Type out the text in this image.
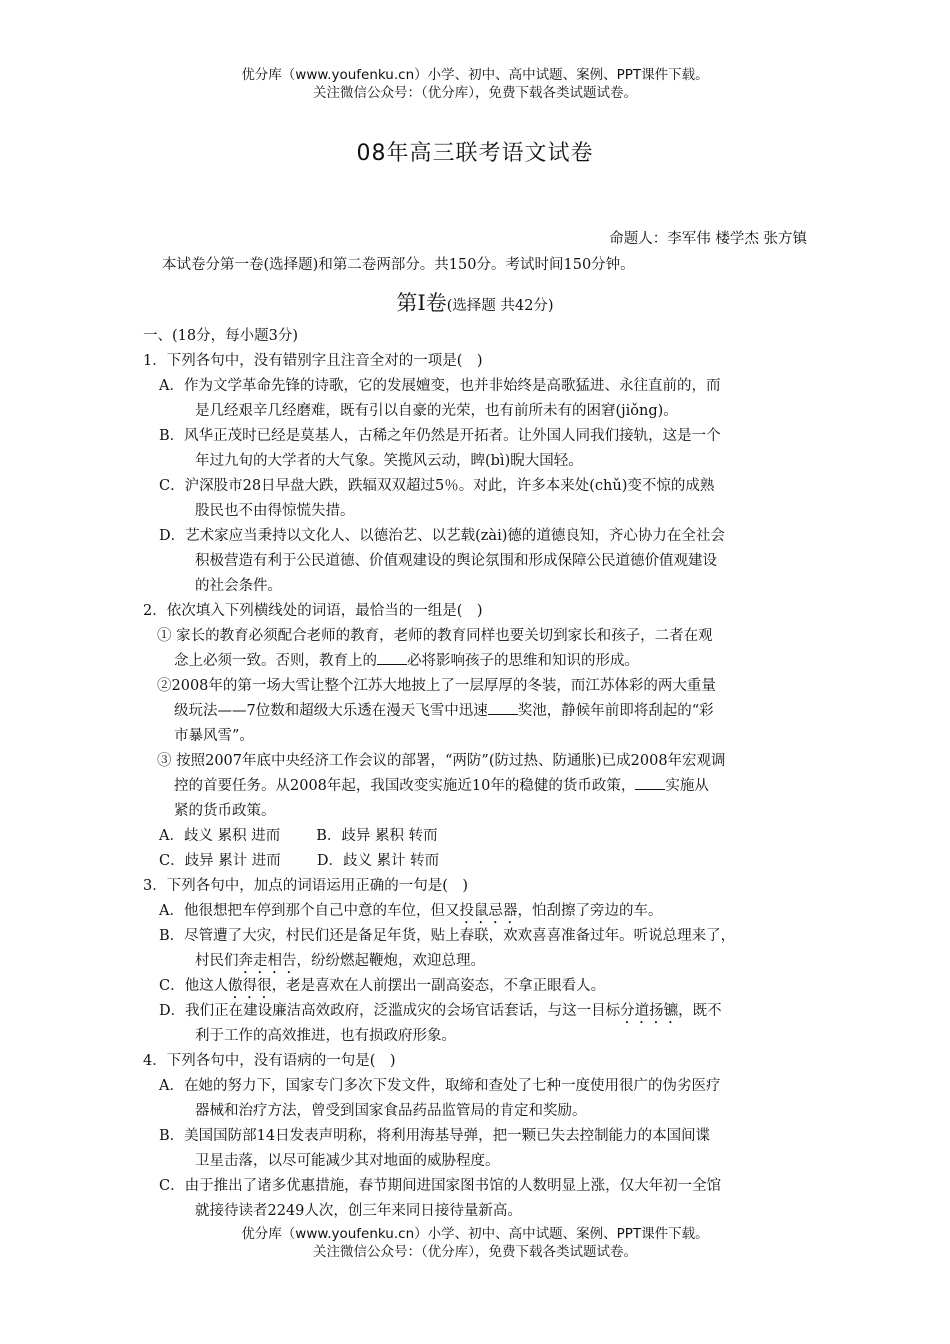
优分库（www.youfenku.cn）小学、初中、高中试题、案例、PPT课件下载。
关注微信公众号：（优分库），免费下载各类试题试卷。
08年高三联考语文试卷
命题人：李军伟 楼学杰 张方镇
本试卷分第一卷(选择题)和第二卷两部分。共150分。考试时间150分钟。
第Ⅰ卷(选择题 共42分)
一、(18分，每小题3分)
1．下列各句中，没有错别字且注音全对的一项是(　)
A．作为文学革命先锋的诗歌，它的发展嬗变，也并非始终是高歌猛进、永往直前的，而
是几经艰辛几经磨难，既有引以自豪的光荣，也有前所未有的困窘(jiǒng)。
B．风华正茂时已经是莫基人，古稀之年仍然是开拓者。让外国人同我们接轨，这是一个
年过九旬的大学者的大气象。笑揽风云动，睥(bì)睨大国轻。
C．沪深股市28日早盘大跌，跌辐双双超过5％。对此，许多本来处(chǔ)变不惊的成熟
股民也不由得惊慌失措。
D．艺术家应当秉持以文化人、以德治艺、以艺载(zài)德的道德良知，齐心协力在全社会
积极营造有利于公民道德、价值观建设的舆论氛围和形成保障公民道德价值观建设
的社会条件。
2．依次填入下列横线处的词语，最恰当的一组是(　)
① 家长的教育必须配合老师的教育，老师的教育同样也要关切到家长和孩子，二者在观
念上必须一致。否则，教育上的 必将影响孩子的思维和知识的形成。
②2008年的第一场大雪让整个江苏大地披上了一层厚厚的冬装，而江苏体彩的两大重量
级玩法——7位数和超级大乐透在漫天飞雪中迅速 奖池，静候年前即将刮起的“彩
市暴风雪”。
③ 按照2007年底中央经济工作会议的部署，“两防”(防过热、防通胀)已成2008年宏观调
控的首要任务。从2008年起，我国改变实施近10年的稳健的货币政策， 实施从
紧的货币政策。
A．歧义 累积 进而 B．歧异 累积 转而
C．歧异 累计 进而 D．歧义 累计 转而
3．下列各句中，加点的词语运用正确的一句是(　)
A．他很想把车停到那个自己中意的车位，但又投鼠忌器，怕刮擦了旁边的车。
B．尽管遭了大灾，村民们还是备足年货，贴上春联，欢欢喜喜准备过年。听说总理来了，
村民们奔走相告，纷纷燃起鞭炮，欢迎总理。
C．他这人傲得很，老是喜欢在人前摆出一副高姿态，不拿正眼看人。
D．我们正在建设廉洁高效政府，泛滥成灾的会场官话套话，与这一目标分道扬镳，既不
利于工作的高效推进，也有损政府形象。
4．下列各句中，没有语病的一句是(　)
A．在她的努力下，国家专门多次下发文件，取缔和查处了七种一度使用很广的伪劣医疗
器械和治疗方法，曾受到国家食品药品监管局的肯定和奖励。
B．美国国防部14日发表声明称，将利用海基导弹，把一颗已失去控制能力的本国间谍
卫星击落，以尽可能减少其对地面的威胁程度。
C．由于推出了诸多优惠措施，春节期间进国家图书馆的人数明显上涨，仅大年初一全馆
就接待读者2249人次，创三年来同日接待量新高。
优分库（www.youfenku.cn）小学、初中、高中试题、案例、PPT课件下载。
关注微信公众号：（优分库），免费下载各类试题试卷。
